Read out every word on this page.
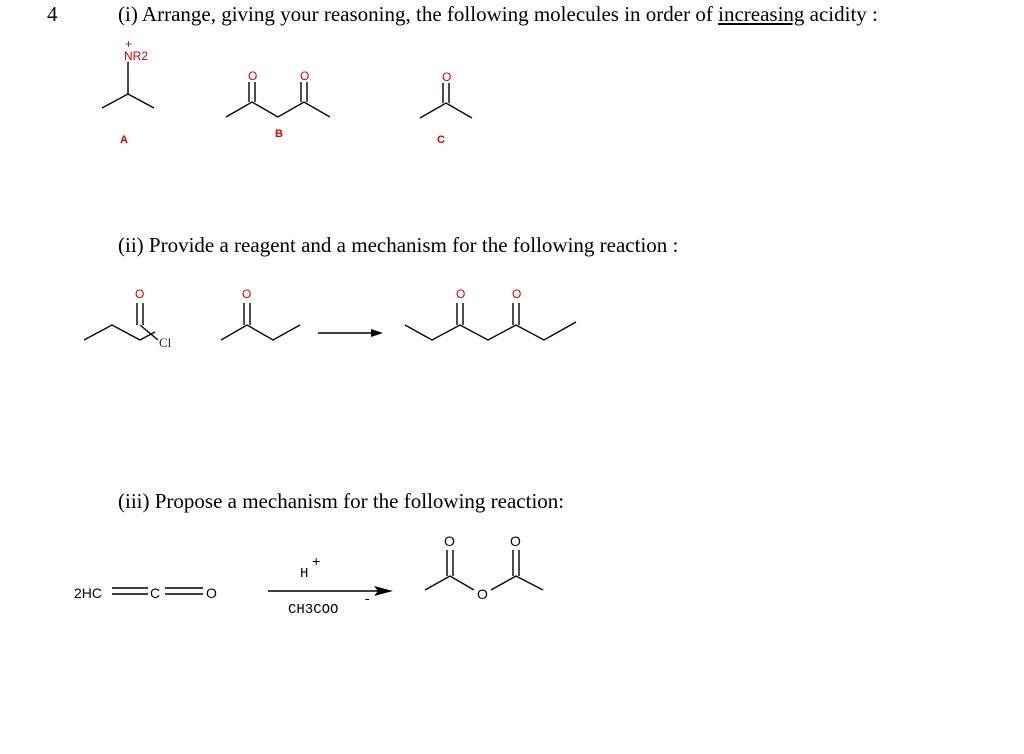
4	(i) Arrange, giving your reasoning, the following molecules in order of increasing acidity :
(ii) Provide a reagent and a mechanism for the following reaction :
(iii) Propose a mechanism for the following reaction:
+
NR2
A
O	O
B
O
C
O
Cl
O	O	O
2HC	C	O
H
+
CH3COO
-
O	O
O
